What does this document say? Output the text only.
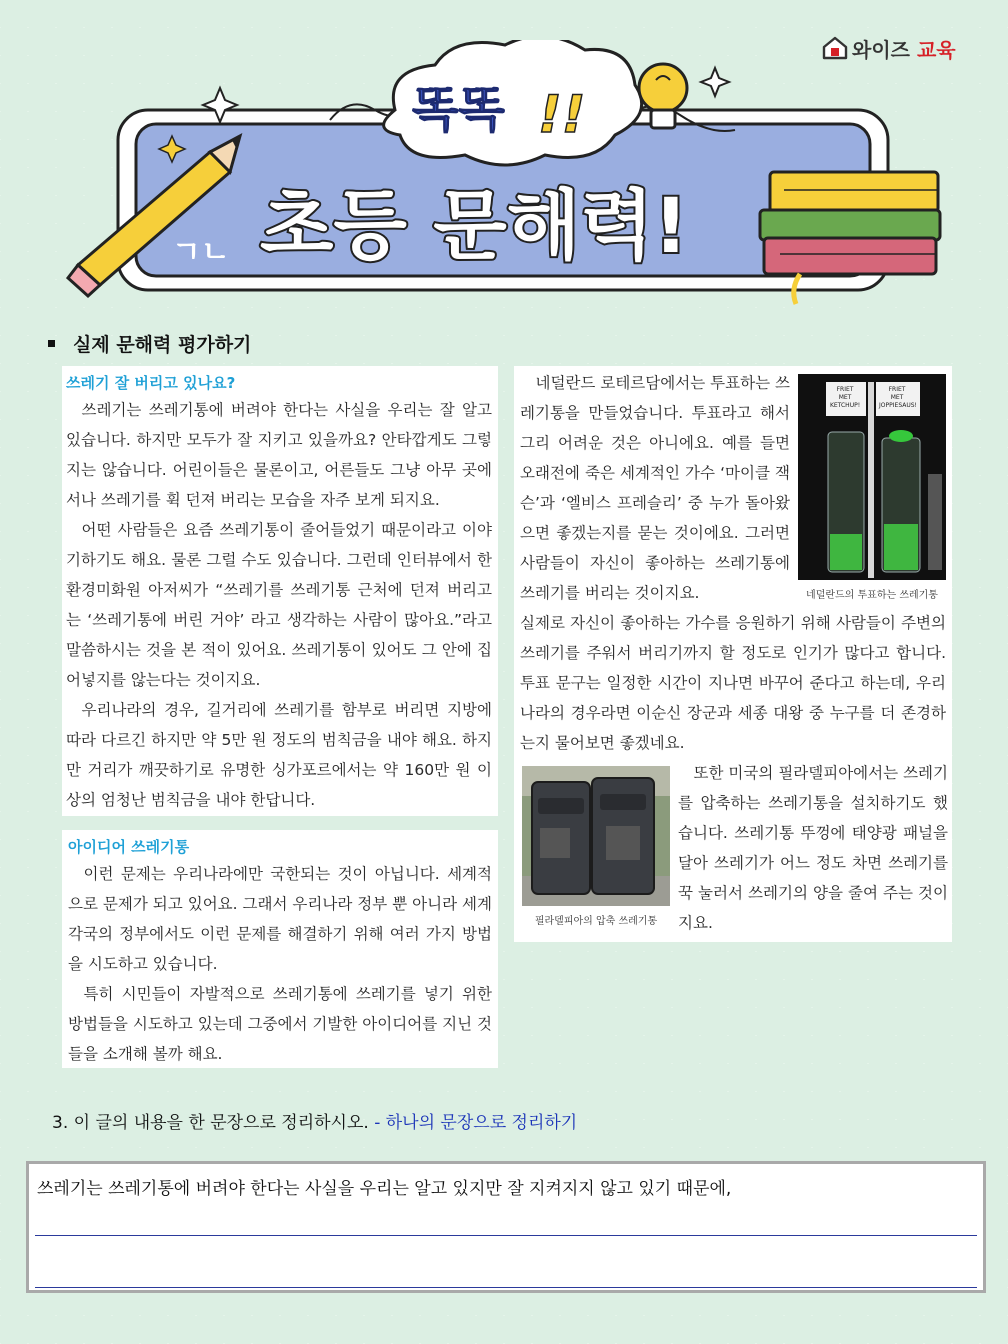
와이즈 교육
똑똑 !!
초등 문해력!
ㄱㄴ
실제 문해력 평가하기
쓰레기 잘 버리고 있나요?

쓰레기는 쓰레기통에 버려야 한다는 사실을 우리는 잘 알고 있습니다. 하지만 모두가 잘 지키고 있을까요? 안타깝게도 그렇지는 않습니다. 어린이들은 물론이고, 어른들도 그냥 아무 곳에서나 쓰레기를 휙 던져 버리는 모습을 자주 보게 되지요.

어떤 사람들은 요즘 쓰레기통이 줄어들었기 때문이라고 이야기하기도 해요. 물론 그럴 수도 있습니다. 그런데 인터뷰에서 한 환경미화원 아저씨가 “쓰레기를 쓰레기통 근처에 던져 버리고는 ‘쓰레기통에 버린 거야’ 라고 생각하는 사람이 많아요.”라고 말씀하시는 것을 본 적이 있어요. 쓰레기통이 있어도 그 안에 집어넣지를 않는다는 것이지요.

우리나라의 경우, 길거리에 쓰레기를 함부로 버리면 지방에 따라 다르긴 하지만 약 5만 원 정도의 범칙금을 내야 해요. 하지만 거리가 깨끗하기로 유명한 싱가포르에서는 약 160만 원 이상의 엄청난 범칙금을 내야 한답니다.

아이디어 쓰레기통

이런 문제는 우리나라에만 국한되는 것이 아닙니다. 세계적으로 문제가 되고 있어요. 그래서 우리나라 정부 뿐 아니라 세계 각국의 정부에서도 이런 문제를 해결하기 위해 여러 가지 방법을 시도하고 있습니다.

특히 시민들이 자발적으로 쓰레기통에 쓰레기를 넣기 위한 방법들을 시도하고 있는데 그중에서 기발한 아이디어를 지닌 것들을 소개해 볼까 해요.

네덜란드 로테르담에서는 투표하는 쓰레기통을 만들었습니다. 투표라고 해서 그리 어려운 것은 아니에요. 예를 들면 오래전에 죽은 세계적인 가수 ‘마이클 잭슨’과 ‘엘비스 프레슬리’ 중 누가 돌아왔으면 좋겠는지를 묻는 것이에요. 그러면 사람들이 자신이 좋아하는 쓰레기통에 쓰레기를 버리는 것이지요.

FRIET MET KETCHUP! FRIET MET JOPPIESAUS!
네덜란드의 투표하는 쓰레기통

실제로 자신이 좋아하는 가수를 응원하기 위해 사람들이 주변의 쓰레기를 주워서 버리기까지 할 정도로 인기가 많다고 합니다. 투표 문구는 일정한 시간이 지나면 바꾸어 준다고 하는데, 우리나라의 경우라면 이순신 장군과 세종 대왕 중 누구를 더 존경하는지 물어보면 좋겠네요.

필라델피아의 압축 쓰레기통

또한 미국의 필라델피아에서는 쓰레기를 압축하는 쓰레기통을 설치하기도 했습니다. 쓰레기통 뚜껑에 태양광 패널을 달아 쓰레기가 어느 정도 차면 쓰레기를 꾹 눌러서 쓰레기의 양을 줄여 주는 것이지요.

3. 이 글의 내용을 한 문장으로 정리하시오. - 하나의 문장으로 정리하기
쓰레기는 쓰레기통에 버려야 한다는 사실을 우리는 알고 있지만 잘 지켜지지 않고 있기 때문에,
